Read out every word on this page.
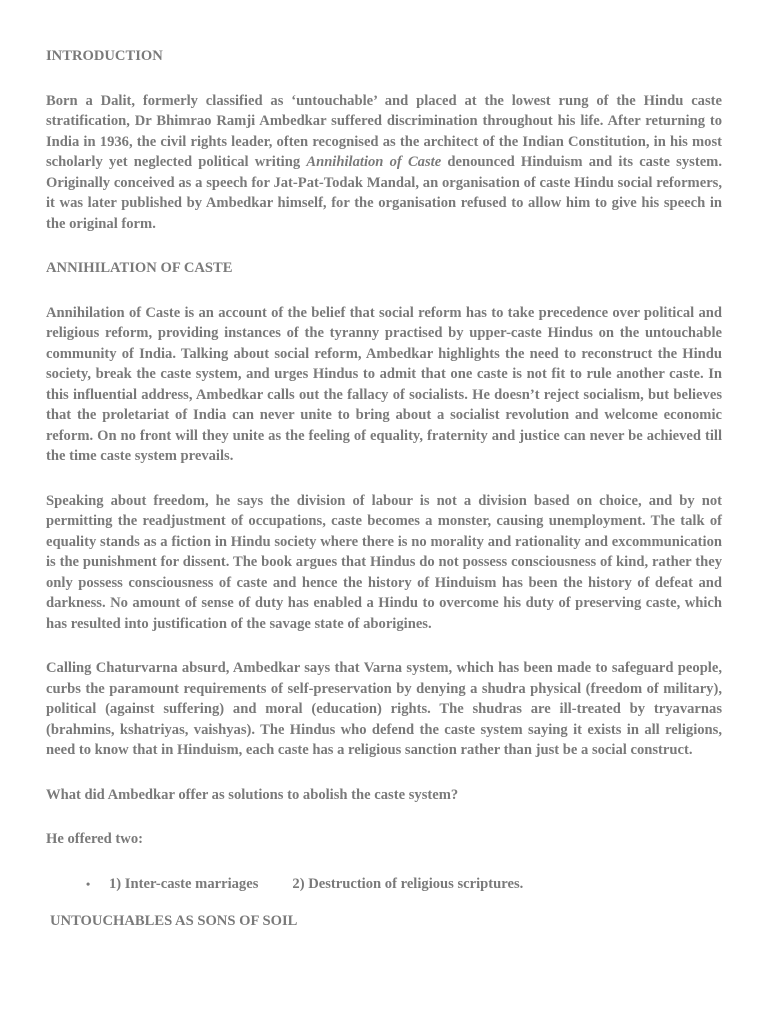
INTRODUCTION

Born a Dalit, formerly classified as ‘untouchable’ and placed at the lowest rung of the Hindu caste stratification, Dr Bhimrao Ramji Ambedkar suffered discrimination throughout his life. After returning to India in 1936, the civil rights leader, often recognised as the architect of the Indian Constitution, in his most scholarly yet neglected political writing Annihilation of Caste denounced Hinduism and its caste system. Originally conceived as a speech for Jat-Pat-Todak Mandal, an organisation of caste Hindu social reformers, it was later published by Ambedkar himself, for the organisation refused to allow him to give his speech in the original form.

ANNIHILATION OF CASTE

Annihilation of Caste is an account of the belief that social reform has to take precedence over political and religious reform, providing instances of the tyranny practised by upper-caste Hindus on the untouchable community of India. Talking about social reform, Ambedkar highlights the need to reconstruct the Hindu society, break the caste system, and urges Hindus to admit that one caste is not fit to rule another caste. In this influential address, Ambedkar calls out the fallacy of socialists. He doesn’t reject socialism, but believes that the proletariat of India can never unite to bring about a socialist revolution and welcome economic reform. On no front will they unite as the feeling of equality, fraternity and justice can never be achieved till the time caste system prevails.

Speaking about freedom, he says the division of labour is not a division based on choice, and by not permitting the readjustment of occupations, caste becomes a monster, causing unemployment. The talk of equality stands as a fiction in Hindu society where there is no morality and rationality and excommunication is the punishment for dissent. The book argues that Hindus do not possess consciousness of kind, rather they only possess consciousness of caste and hence the history of Hinduism has been the history of defeat and darkness. No amount of sense of duty has enabled a Hindu to overcome his duty of preserving caste, which has resulted into justification of the savage state of aborigines.

Calling Chaturvarna absurd, Ambedkar says that Varna system, which has been made to safeguard people, curbs the paramount requirements of self-preservation by denying a shudra physical (freedom of military), political (against suffering) and moral (education) rights. The shudras are ill-treated by tryavarnas (brahmins, kshatriyas, vaishyas). The Hindus who defend the caste system saying it exists in all religions, need to know that in Hinduism, each caste has a religious sanction rather than just be a social construct.

What did Ambedkar offer as solutions to abolish the caste system?

He offered two:

• 1) Inter-caste marriages 2) Destruction of religious scriptures.

UNTOUCHABLES AS SONS OF SOIL
